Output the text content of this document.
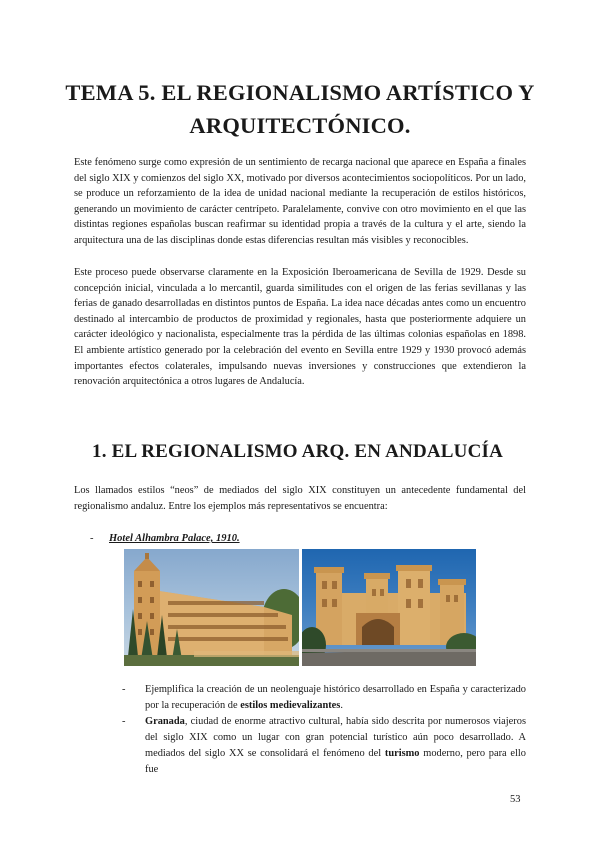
TEMA 5. EL REGIONALISMO ARTÍSTICO Y ARQUITECTÓNICO.

Este fenómeno surge como expresión de un sentimiento de recarga nacional que aparece en España a finales del siglo XIX y comienzos del siglo XX, motivado por diversos acontecimientos sociopolíticos. Por un lado, se produce un reforzamiento de la idea de unidad nacional mediante la recuperación de estilos históricos, generando un movimiento de carácter centrípeto. Paralelamente, convive con otro movimiento en el que las distintas regiones españolas buscan reafirmar su identidad propia a través de la cultura y el arte, siendo la arquitectura una de las disciplinas donde estas diferencias resultan más visibles y reconocibles.

Este proceso puede observarse claramente en la Exposición Iberoamericana de Sevilla de 1929. Desde su concepción inicial, vinculada a lo mercantil, guarda similitudes con el origen de las ferias sevillanas y las ferias de ganado desarrolladas en distintos puntos de España. La idea nace décadas antes como un encuentro destinado al intercambio de productos de proximidad y regionales, hasta que posteriormente adquiere un carácter ideológico y nacionalista, especialmente tras la pérdida de las últimas colonias españolas en 1898. El ambiente artístico generado por la celebración del evento en Sevilla entre 1929 y 1930 provocó además importantes efectos colaterales, impulsando nuevas inversiones y construcciones que extendieron la renovación arquitectónica a otros lugares de Andalucía.

1. EL REGIONALISMO ARQ. EN ANDALUCÍA

Los llamados estilos “neos” de mediados del siglo XIX constituyen un antecedente fundamental del regionalismo andaluz. Entre los ejemplos más representativos se encuentra:

- Hotel Alhambra Palace, 1910.
- Ejemplifica la creación de un neolenguaje histórico desarrollado en España y caracterizado por la recuperación de estilos medievalizantes.
- Granada, ciudad de enorme atractivo cultural, había sido descrita por numerosos viajeros del siglo XIX como un lugar con gran potencial turístico aún poco desarrollado. A mediados del siglo XX se consolidará el fenómeno del turismo moderno, pero para ello fue
53
